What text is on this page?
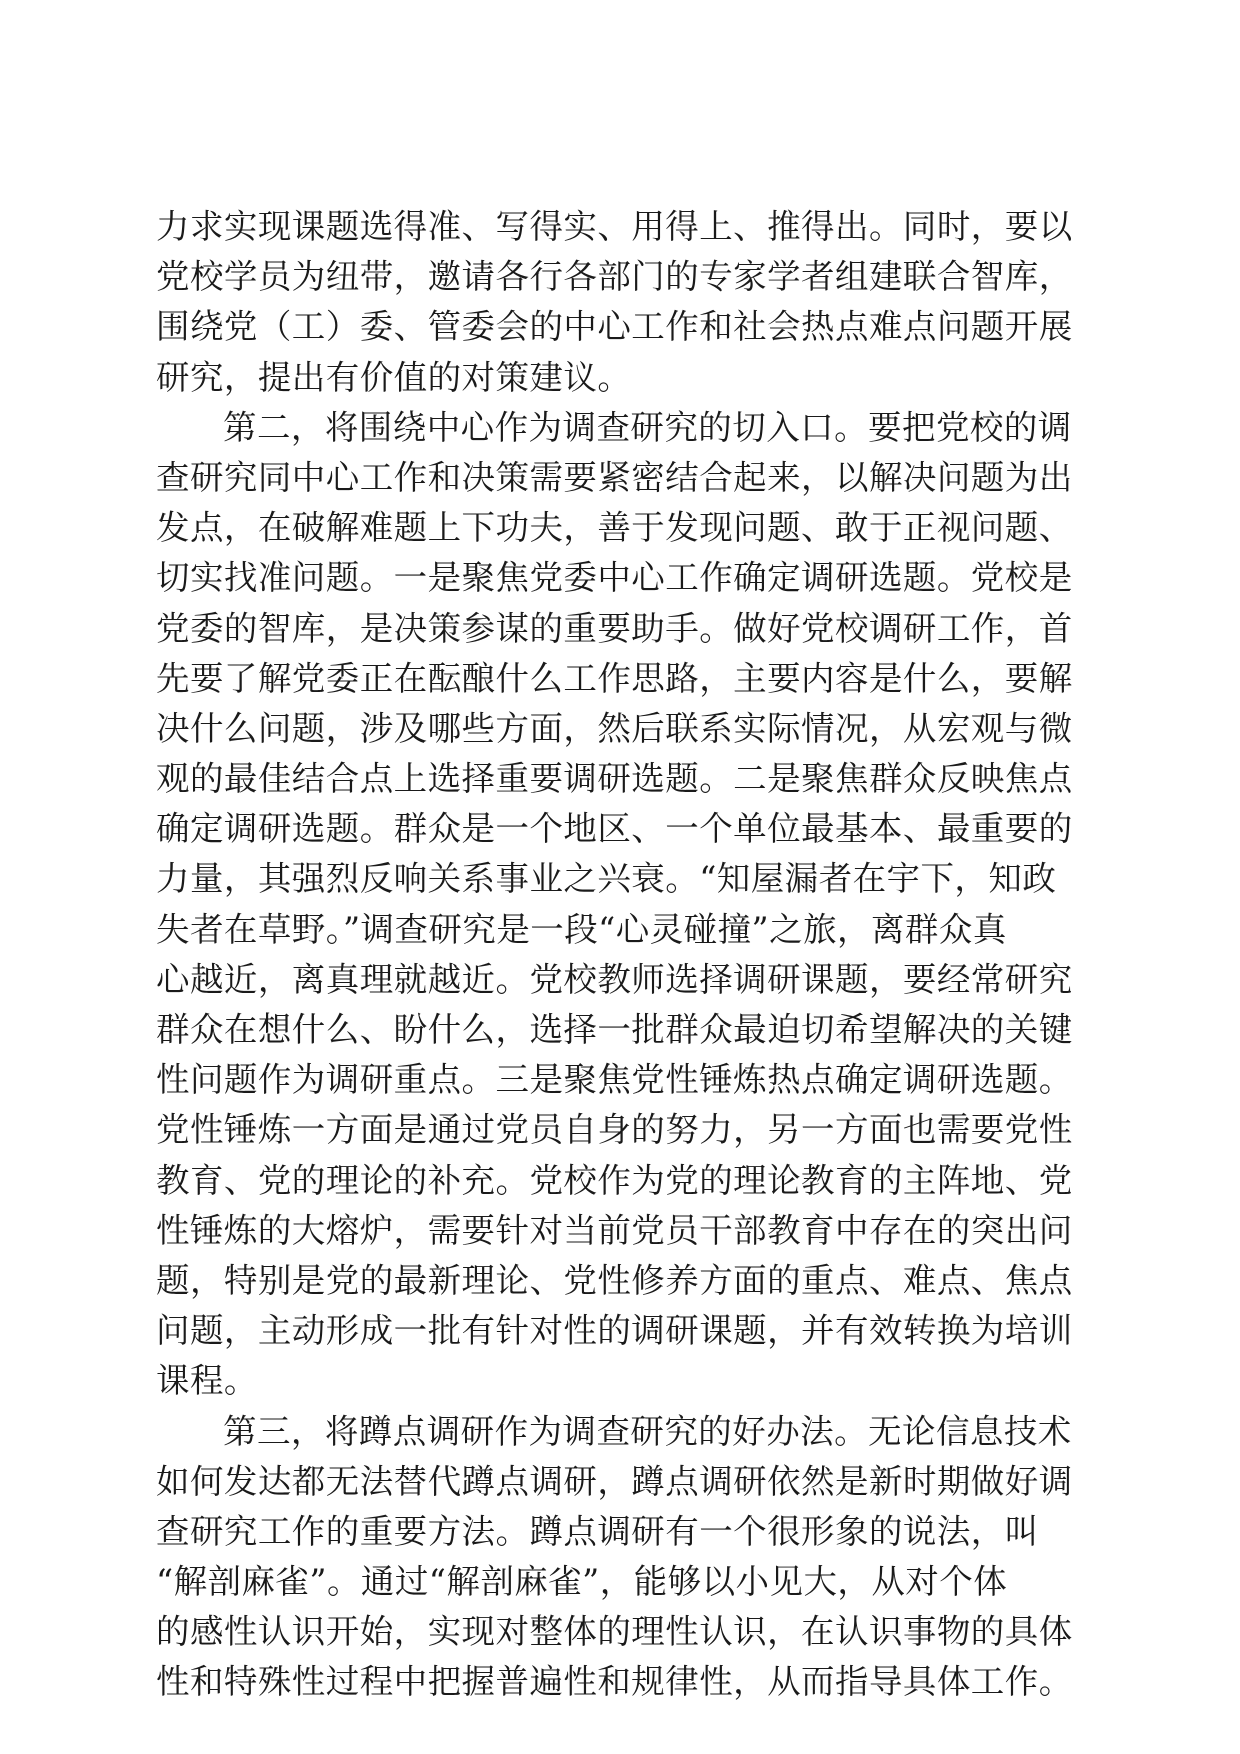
力求实现课题选得准、写得实、用得上、推得出。同时，要以
党校学员为纽带，邀请各行各部门的专家学者组建联合智库，
围绕党（工）委、管委会的中心工作和社会热点难点问题开展
研究，提出有价值的对策建议。
第二，将围绕中心作为调查研究的切入口。要把党校的调
查研究同中心工作和决策需要紧密结合起来，以解决问题为出
发点，在破解难题上下功夫，善于发现问题、敢于正视问题、
切实找准问题。一是聚焦党委中心工作确定调研选题。党校是
党委的智库，是决策参谋的重要助手。做好党校调研工作，首
先要了解党委正在酝酿什么工作思路，主要内容是什么，要解
决什么问题，涉及哪些方面，然后联系实际情况，从宏观与微
观的最佳结合点上选择重要调研选题。二是聚焦群众反映焦点
确定调研选题。群众是一个地区、一个单位最基本、最重要的
力量，其强烈反响关系事业之兴衰。“知屋漏者在宇下，知政
失者在草野。”调查研究是一段“心灵碰撞”之旅，离群众真
心越近，离真理就越近。党校教师选择调研课题，要经常研究
群众在想什么、盼什么，选择一批群众最迫切希望解决的关键
性问题作为调研重点。三是聚焦党性锤炼热点确定调研选题。
党性锤炼一方面是通过党员自身的努力，另一方面也需要党性
教育、党的理论的补充。党校作为党的理论教育的主阵地、党
性锤炼的大熔炉，需要针对当前党员干部教育中存在的突出问
题，特别是党的最新理论、党性修养方面的重点、难点、焦点
问题，主动形成一批有针对性的调研课题，并有效转换为培训
课程。
第三，将蹲点调研作为调查研究的好办法。无论信息技术
如何发达都无法替代蹲点调研，蹲点调研依然是新时期做好调
查研究工作的重要方法。蹲点调研有一个很形象的说法，叫
“解剖麻雀”。通过“解剖麻雀”，能够以小见大，从对个体
的感性认识开始，实现对整体的理性认识，在认识事物的具体
性和特殊性过程中把握普遍性和规律性，从而指导具体工作。
